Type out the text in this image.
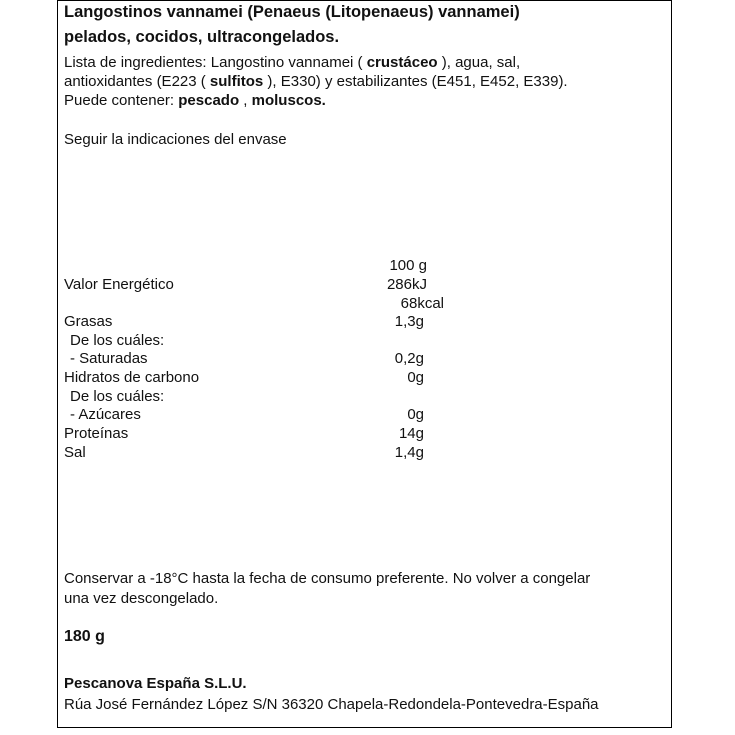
Langostinos vannamei (Penaeus (Litopenaeus) vannamei)
pelados, cocidos, ultracongelados.
Lista de ingredientes: Langostino vannamei ( crustáceo ), agua, sal,
antioxidantes (E223 ( sulfitos ), E330) y estabilizantes (E451, E452, E339).
Puede contener: pescado , moluscos.
Seguir la indicaciones del envase
100 g
Valor Energético	286kJ
68kcal
Grasas	1,3g
De los cuáles:
- Saturadas	0,2g
Hidratos de carbono	0g
De los cuáles:
- Azúcares	0g
Proteínas	14g
Sal	1,4g
Conservar a -18°C hasta la fecha de consumo preferente. No volver a congelar
una vez descongelado.
180 g
Pescanova España S.L.U.
Rúa José Fernández López S/N 36320 Chapela-Redondela-Pontevedra-España
